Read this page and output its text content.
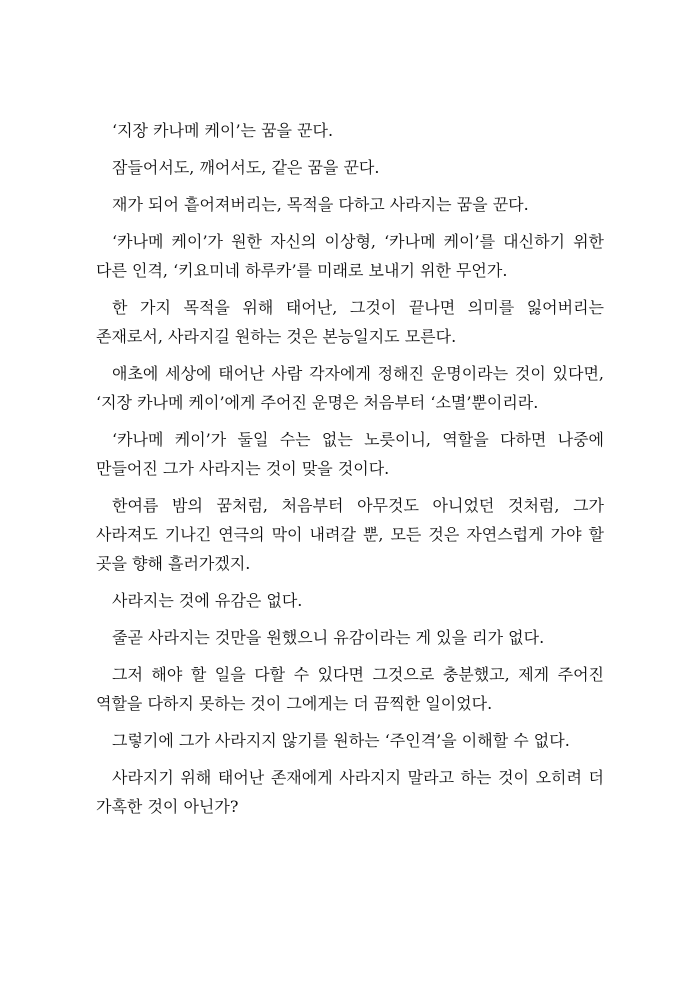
‘지장 카나메 케이’는 꿈을 꾼다.

잠들어서도, 깨어서도, 같은 꿈을 꾼다.

재가 되어 흩어져버리는, 목적을 다하고 사라지는 꿈을 꾼다.

‘카나메 케이’가 원한 자신의 이상형, ‘카나메 케이’를 대신하기 위한 다른 인격, ‘키요미네 하루카’를 미래로 보내기 위한 무언가.

한 가지 목적을 위해 태어난, 그것이 끝나면 의미를 잃어버리는 존재로서, 사라지길 원하는 것은 본능일지도 모른다.

애초에 세상에 태어난 사람 각자에게 정해진 운명이라는 것이 있다면, ‘지장 카나메 케이’에게 주어진 운명은 처음부터 ‘소멸’뿐이리라.

‘카나메 케이’가 둘일 수는 없는 노릇이니, 역할을 다하면 나중에 만들어진 그가 사라지는 것이 맞을 것이다.

한여름 밤의 꿈처럼, 처음부터 아무것도 아니었던 것처럼, 그가 사라져도 기나긴 연극의 막이 내려갈 뿐, 모든 것은 자연스럽게 가야 할 곳을 향해 흘러가겠지.

사라지는 것에 유감은 없다.

줄곧 사라지는 것만을 원했으니 유감이라는 게 있을 리가 없다.

그저 해야 할 일을 다할 수 있다면 그것으로 충분했고, 제게 주어진 역할을 다하지 못하는 것이 그에게는 더 끔찍한 일이었다.

그렇기에 그가 사라지지 않기를 원하는 ‘주인격’을 이해할 수 없다.

사라지기 위해 태어난 존재에게 사라지지 말라고 하는 것이 오히려 더 가혹한 것이 아닌가?
